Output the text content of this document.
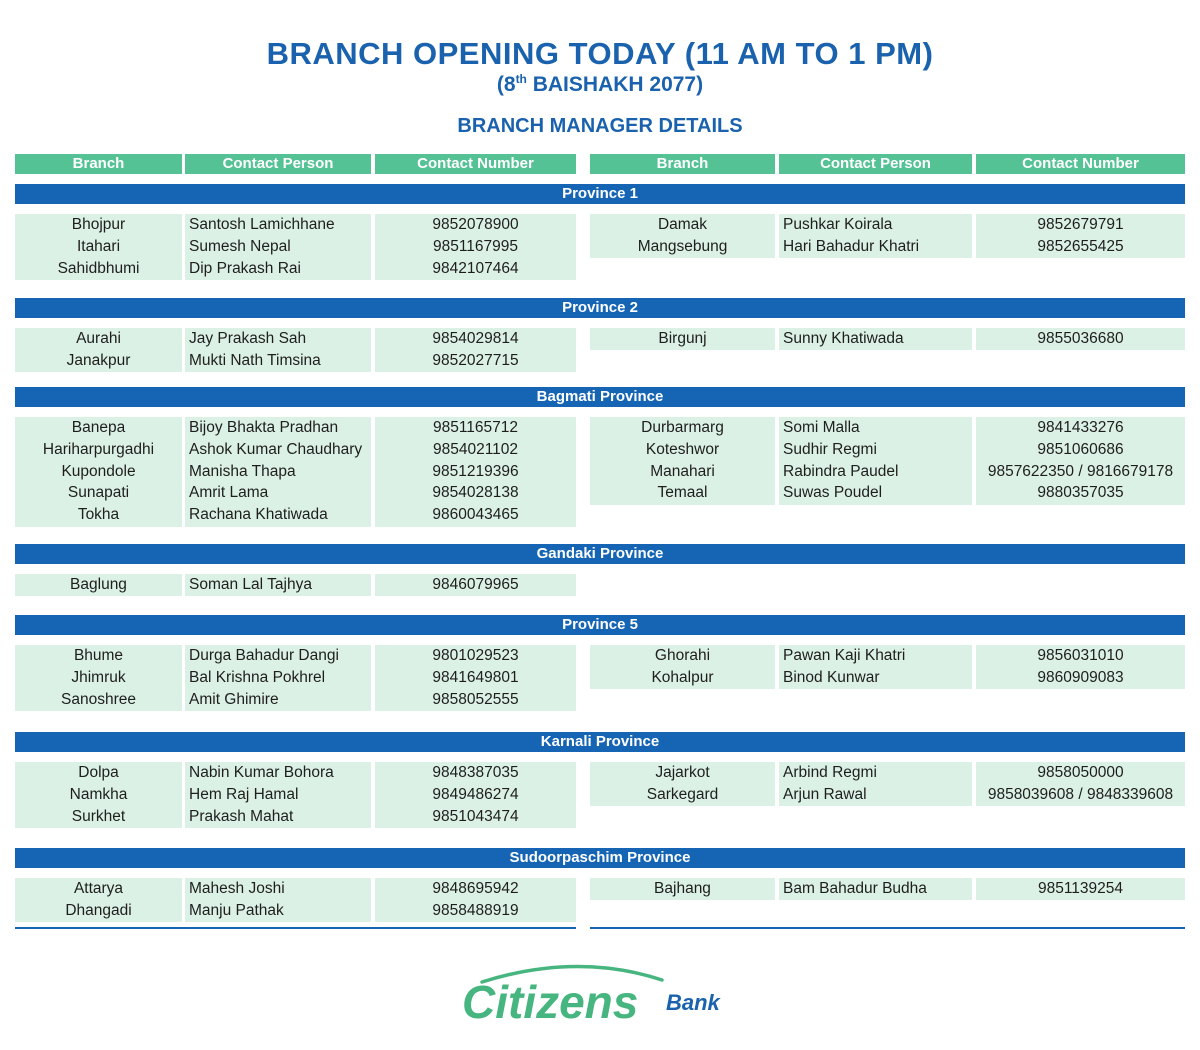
BRANCH OPENING TODAY (11 AM TO 1 PM)
(8th BAISHAKH 2077)
BRANCH MANAGER DETAILS
Branch	Contact Person	Contact Number	Branch	Contact Person	Contact Number
Province 1
Bhojpur	Santosh Lamichhane	9852078900
Itahari	Sumesh Nepal	9851167995
Sahidbhumi	Dip Prakash Rai	9842107464
Damak	Pushkar Koirala	9852679791
Mangsebung	Hari Bahadur Khatri	9852655425
Province 2
Aurahi	Jay Prakash Sah	9854029814
Janakpur	Mukti Nath Timsina	9852027715
Birgunj	Sunny Khatiwada	9855036680
Bagmati Province
Banepa	Bijoy Bhakta Pradhan	9851165712
Hariharpurgadhi	Ashok Kumar Chaudhary	9854021102
Kupondole	Manisha Thapa	9851219396
Sunapati	Amrit Lama	9854028138
Tokha	Rachana Khatiwada	9860043465
Durbarmarg	Somi Malla	9841433276
Koteshwor	Sudhir Regmi	9851060686
Manahari	Rabindra Paudel	9857622350 / 9816679178
Temaal	Suwas Poudel	9880357035
Gandaki Province
Baglung	Soman Lal Tajhya	9846079965
Province 5
Bhume	Durga Bahadur Dangi	9801029523
Jhimruk	Bal Krishna Pokhrel	9841649801
Sanoshree	Amit Ghimire	9858052555
Ghorahi	Pawan Kaji Khatri	9856031010
Kohalpur	Binod Kunwar	9860909083
Karnali Province
Dolpa	Nabin Kumar Bohora	9848387035
Namkha	Hem Raj Hamal	9849486274
Surkhet	Prakash Mahat	9851043474
Jajarkot	Arbind Regmi	9858050000
Sarkegard	Arjun Rawal	9858039608 / 9848339608
Sudoorpaschim Province
Attarya	Mahesh Joshi	9848695942
Dhangadi	Manju Pathak	9858488919
Bajhang	Bam Bahadur Budha	9851139254
Citizens Bank
